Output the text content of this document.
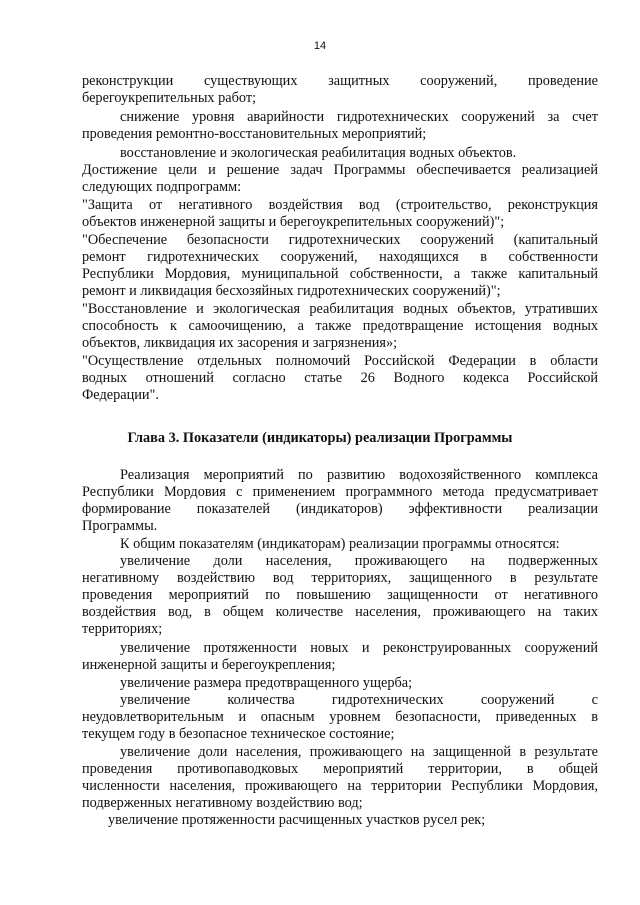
14
реконструкции существующих защитных сооружений, проведение
берегоукрепительных работ;
снижение уровня аварийности гидротехнических сооружений за счет
проведения ремонтно-восстановительных мероприятий;
восстановление и экологическая реабилитация водных объектов.
Достижение цели и решение задач Программы обеспечивается реализацией
следующих подпрограмм:
"Защита от негативного воздействия вод (строительство, реконструкция
объектов инженерной защиты и берегоукрепительных сооружений)";
"Обеспечение безопасности гидротехнических сооружений (капитальный
ремонт гидротехнических сооружений, находящихся в собственности
Республики Мордовия, муниципальной собственности, а также капитальный
ремонт и ликвидация бесхозяйных гидротехнических сооружений)";
"Восстановление и экологическая реабилитация водных объектов, утративших
способность к самоочищению, а также предотвращение истощения водных
объектов, ликвидация их засорения и загрязнения»;
"Осуществление отдельных полномочий Российской Федерации в области
водных отношений согласно статье 26 Водного кодекса Российской
Федерации".
Глава 3. Показатели (индикаторы) реализации Программы
Реализация мероприятий по развитию водохозяйственного комплекса
Республики Мордовия с применением программного метода предусматривает
формирование показателей (индикаторов) эффективности реализации
Программы.
К общим показателям (индикаторам) реализации программы относятся:
увеличение доли населения, проживающего на подверженных
негативному воздействию вод территориях, защищенного в результате
проведения мероприятий по повышению защищенности от негативного
воздействия вод, в общем количестве населения, проживающего на таких
территориях;
увеличение протяженности новых и реконструированных сооружений
инженерной защиты и берегоукрепления;
увеличение размера предотвращенного ущерба;
увеличение количества гидротехнических сооружений с
неудовлетворительным и опасным уровнем безопасности, приведенных в
текущем году в безопасное техническое состояние;
увеличение доли населения, проживающего на защищенной в результате
проведения противопаводковых мероприятий территории, в общей
численности населения, проживающего на территории Республики Мордовия,
подверженных негативному воздействию вод;
увеличение протяженности расчищенных участков русел рек;
